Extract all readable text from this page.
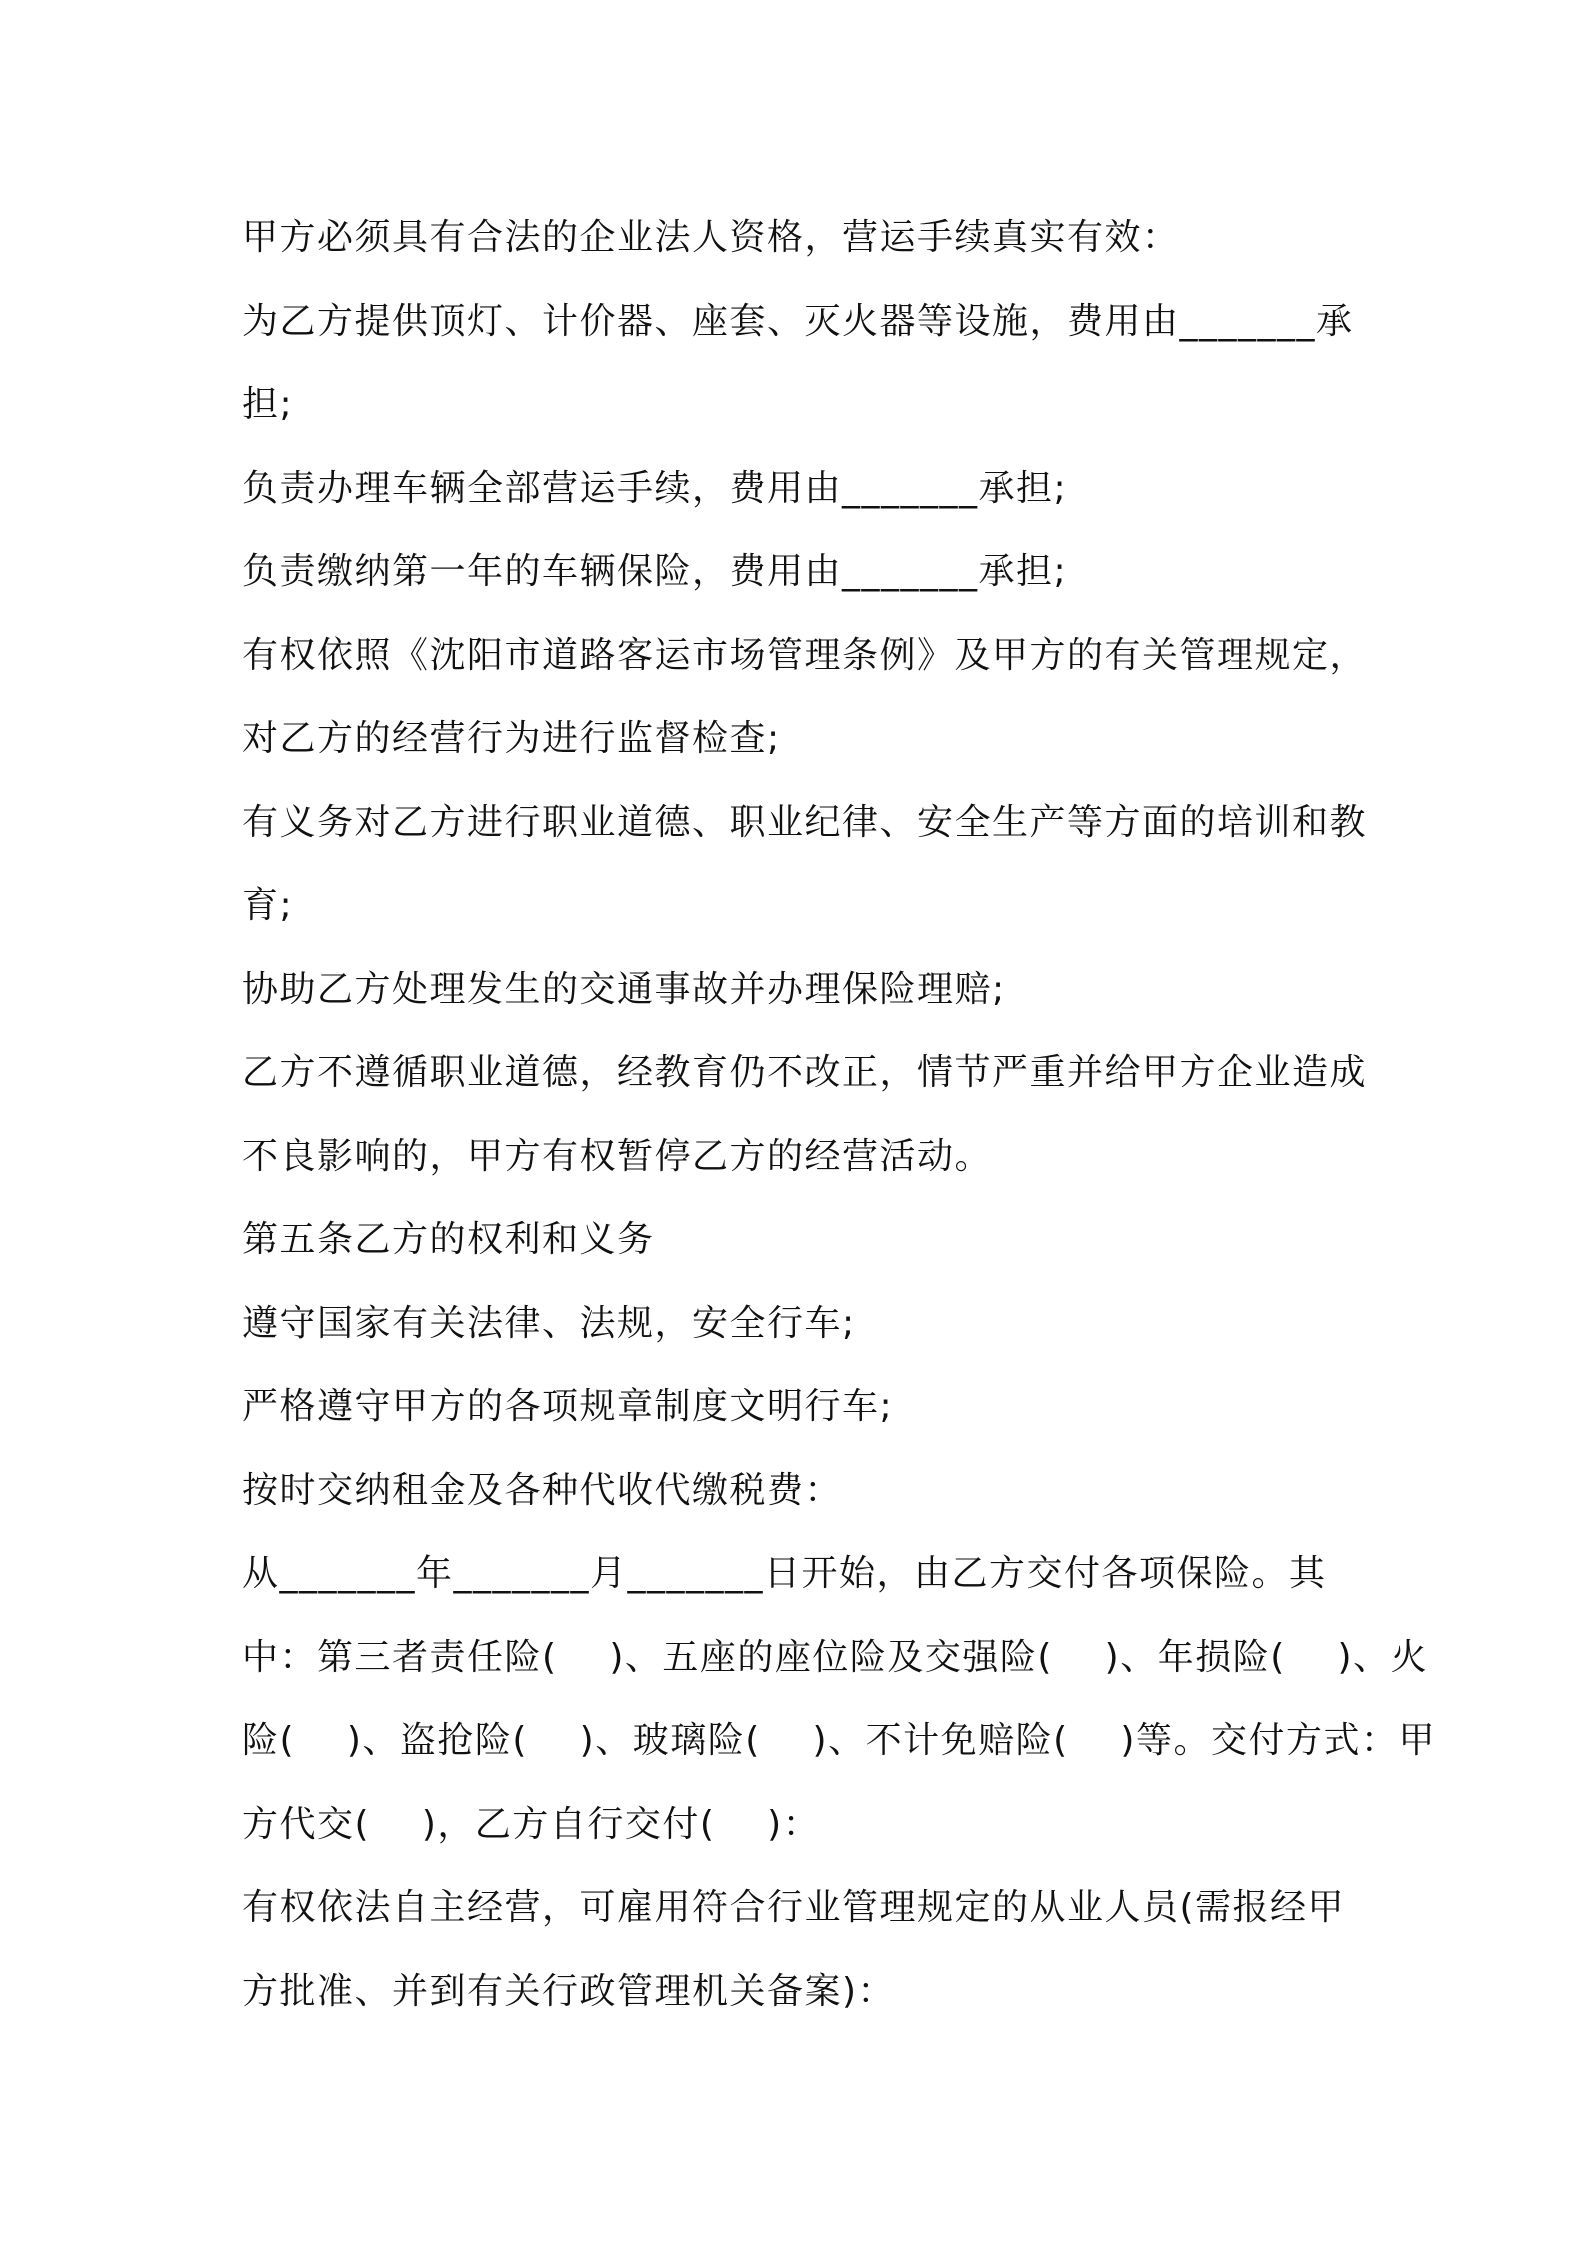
甲方必须具有合法的企业法人资格，营运手续真实有效：
为乙方提供顶灯、计价器、座套、灭火器等设施，费用由_______承
担;
负责办理车辆全部营运手续，费用由_______承担;
负责缴纳第一年的车辆保险，费用由_______承担;
有权依照《沈阳市道路客运市场管理条例》及甲方的有关管理规定，
对乙方的经营行为进行监督检查;
有义务对乙方进行职业道德、职业纪律、安全生产等方面的培训和教
育;
协助乙方处理发生的交通事故并办理保险理赔;
乙方不遵循职业道德，经教育仍不改正，情节严重并给甲方企业造成
不良影响的，甲方有权暂停乙方的经营活动。
第五条乙方的权利和义务
遵守国家有关法律、法规，安全行车;
严格遵守甲方的各项规章制度文明行车;
按时交纳租金及各种代收代缴税费：
从_______年_______月_______日开始，由乙方交付各项保险。其
中：第三者责任险(    )、五座的座位险及交强险(    )、年损险(    )、火
险(    )、盗抢险(    )、玻璃险(    )、不计免赔险(    )等。交付方式：甲
方代交(    )，乙方自行交付(    )：
有权依法自主经营，可雇用符合行业管理规定的从业人员(需报经甲
方批准、并到有关行政管理机关备案)：
